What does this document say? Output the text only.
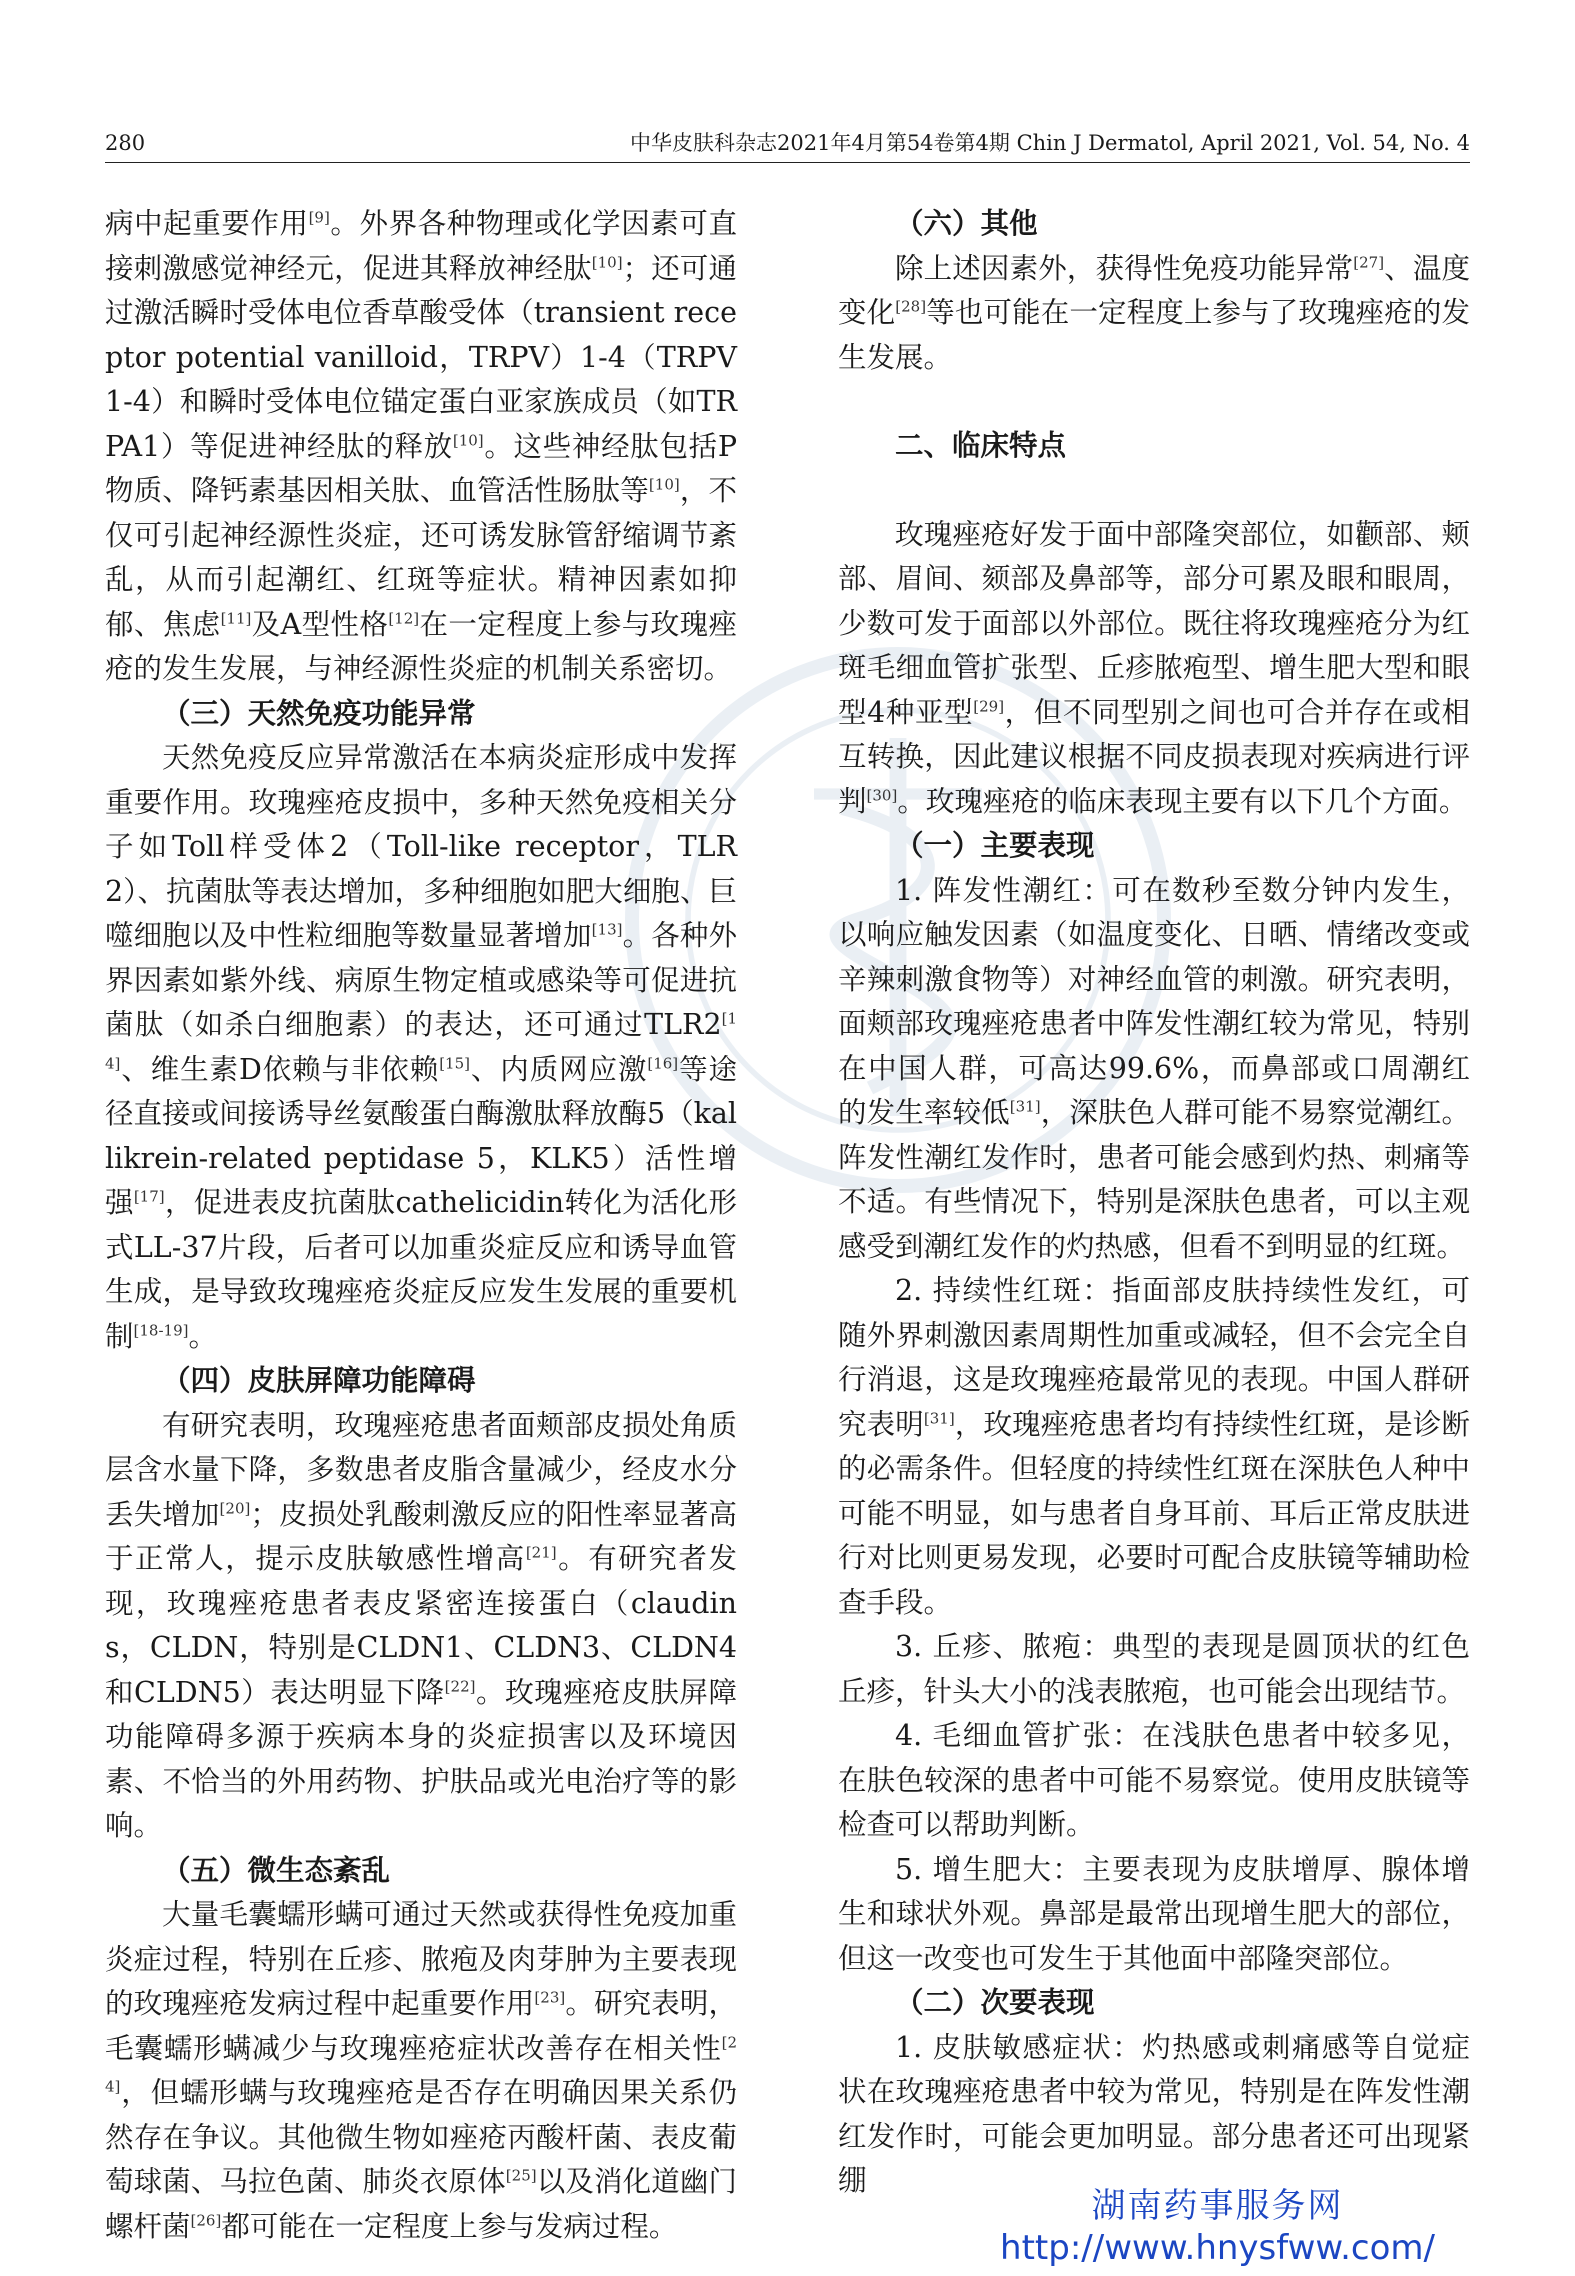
280	中华皮肤科杂志2021年4月第54卷第4期 Chin J Dermatol, April 2021, Vol. 54, No. 4

病中起重要作用[9]。外界各种物理或化学因素可直接刺激感觉神经元，促进其释放神经肽[10]；还可通过激活瞬时受体电位香草酸受体（transient receptor potential vanilloid，TRPV）1-4（TRPV1-4）和瞬时受体电位锚定蛋白亚家族成员（如TRPA1）等促进神经肽的释放[10]。这些神经肽包括P物质、降钙素基因相关肽、血管活性肠肽等[10]，不仅可引起神经源性炎症，还可诱发脉管舒缩调节紊乱，从而引起潮红、红斑等症状。精神因素如抑郁、焦虑[11]及A型性格[12]在一定程度上参与玫瑰痤疮的发生发展，与神经源性炎症的机制关系密切。

（三）天然免疫功能异常

天然免疫反应异常激活在本病炎症形成中发挥重要作用。玫瑰痤疮皮损中，多种天然免疫相关分子如Toll样受体2（Toll-like receptor，TLR2）、抗菌肽等表达增加，多种细胞如肥大细胞、巨噬细胞以及中性粒细胞等数量显著增加[13]。各种外界因素如紫外线、病原生物定植或感染等可促进抗菌肽（如杀白细胞素）的表达，还可通过TLR2[14]、维生素D依赖与非依赖[15]、内质网应激[16]等途径直接或间接诱导丝氨酸蛋白酶激肽释放酶5（kallikrein-related peptidase 5，KLK5）活性增强[17]，促进表皮抗菌肽cathelicidin转化为活化形式LL-37片段，后者可以加重炎症反应和诱导血管生成，是导致玫瑰痤疮炎症反应发生发展的重要机制[18-19]。

（四）皮肤屏障功能障碍

有研究表明，玫瑰痤疮患者面颊部皮损处角质层含水量下降，多数患者皮脂含量减少，经皮水分丢失增加[20]；皮损处乳酸刺激反应的阳性率显著高于正常人，提示皮肤敏感性增高[21]。有研究者发现，玫瑰痤疮患者表皮紧密连接蛋白（claudins，CLDN，特别是CLDN1、CLDN3、CLDN4和CLDN5）表达明显下降[22]。玫瑰痤疮皮肤屏障功能障碍多源于疾病本身的炎症损害以及环境因素、不恰当的外用药物、护肤品或光电治疗等的影响。

（五）微生态紊乱

大量毛囊蠕形螨可通过天然或获得性免疫加重炎症过程，特别在丘疹、脓疱及肉芽肿为主要表现的玫瑰痤疮发病过程中起重要作用[23]。研究表明，毛囊蠕形螨减少与玫瑰痤疮症状改善存在相关性[24]，但蠕形螨与玫瑰痤疮是否存在明确因果关系仍然存在争议。其他微生物如痤疮丙酸杆菌、表皮葡萄球菌、马拉色菌、肺炎衣原体[25]以及消化道幽门螺杆菌[26]都可能在一定程度上参与发病过程。

（六）其他

除上述因素外，获得性免疫功能异常[27]、温度变化[28]等也可能在一定程度上参与了玫瑰痤疮的发生发展。

二、临床特点

玫瑰痤疮好发于面中部隆突部位，如颧部、颊部、眉间、颏部及鼻部等，部分可累及眼和眼周，少数可发于面部以外部位。既往将玫瑰痤疮分为红斑毛细血管扩张型、丘疹脓疱型、增生肥大型和眼型4种亚型[29]，但不同型别之间也可合并存在或相互转换，因此建议根据不同皮损表现对疾病进行评判[30]。玫瑰痤疮的临床表现主要有以下几个方面。

（一）主要表现

1. 阵发性潮红：可在数秒至数分钟内发生，以响应触发因素（如温度变化、日晒、情绪改变或辛辣刺激食物等）对神经血管的刺激。研究表明，面颊部玫瑰痤疮患者中阵发性潮红较为常见，特别在中国人群，可高达99.6%，而鼻部或口周潮红的发生率较低[31]，深肤色人群可能不易察觉潮红。阵发性潮红发作时，患者可能会感到灼热、刺痛等不适。有些情况下，特别是深肤色患者，可以主观感受到潮红发作的灼热感，但看不到明显的红斑。

2. 持续性红斑：指面部皮肤持续性发红，可随外界刺激因素周期性加重或减轻，但不会完全自行消退，这是玫瑰痤疮最常见的表现。中国人群研究表明[31]，玫瑰痤疮患者均有持续性红斑，是诊断的必需条件。但轻度的持续性红斑在深肤色人种中可能不明显，如与患者自身耳前、耳后正常皮肤进行对比则更易发现，必要时可配合皮肤镜等辅助检查手段。

3. 丘疹、脓疱：典型的表现是圆顶状的红色丘疹，针头大小的浅表脓疱，也可能会出现结节。

4. 毛细血管扩张：在浅肤色患者中较多见，在肤色较深的患者中可能不易察觉。使用皮肤镜等检查可以帮助判断。

5. 增生肥大：主要表现为皮肤增厚、腺体增生和球状外观。鼻部是最常出现增生肥大的部位，但这一改变也可发生于其他面中部隆突部位。

（二）次要表现

1. 皮肤敏感症状：灼热感或刺痛感等自觉症状在玫瑰痤疮患者中较为常见，特别是在阵发性潮红发作时，可能会更加明显。部分患者还可出现紧绷

湖南药事服务网
http://www.hnysfww.com/
